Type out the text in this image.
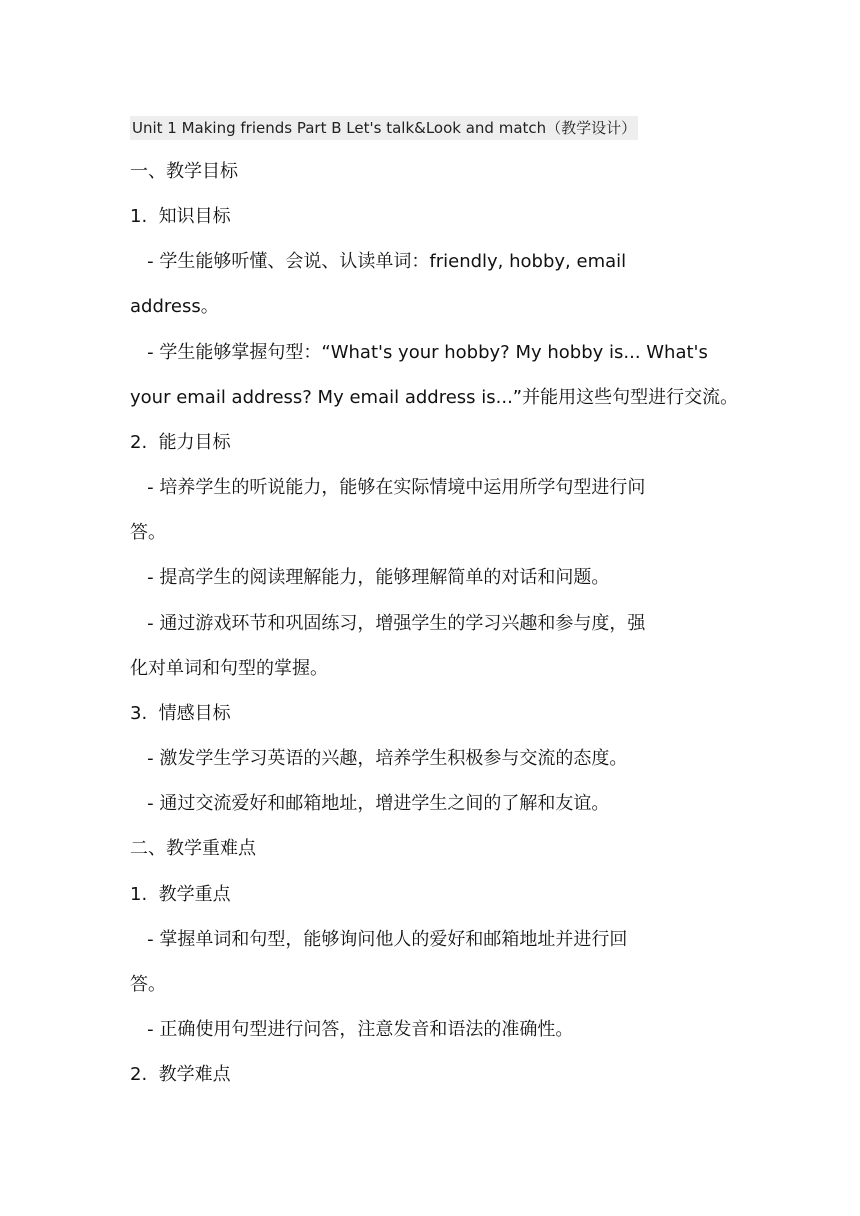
Unit 1 Making friends Part B Let's talk&Look and match（教学设计）
一、教学目标
1.  知识目标
- 学生能够听懂、会说、认读单词：friendly, hobby, email
address。
- 学生能够掌握句型：“What's your hobby? My hobby is... What's
your email address? My email address is...”并能用这些句型进行交流。
2.  能力目标
- 培养学生的听说能力，能够在实际情境中运用所学句型进行问
答。
- 提高学生的阅读理解能力，能够理解简单的对话和问题。
- 通过游戏环节和巩固练习，增强学生的学习兴趣和参与度，强
化对单词和句型的掌握。
3.  情感目标
- 激发学生学习英语的兴趣，培养学生积极参与交流的态度。
- 通过交流爱好和邮箱地址，增进学生之间的了解和友谊。
二、教学重难点
1.  教学重点
- 掌握单词和句型，能够询问他人的爱好和邮箱地址并进行回
答。
- 正确使用句型进行问答，注意发音和语法的准确性。
2.  教学难点
